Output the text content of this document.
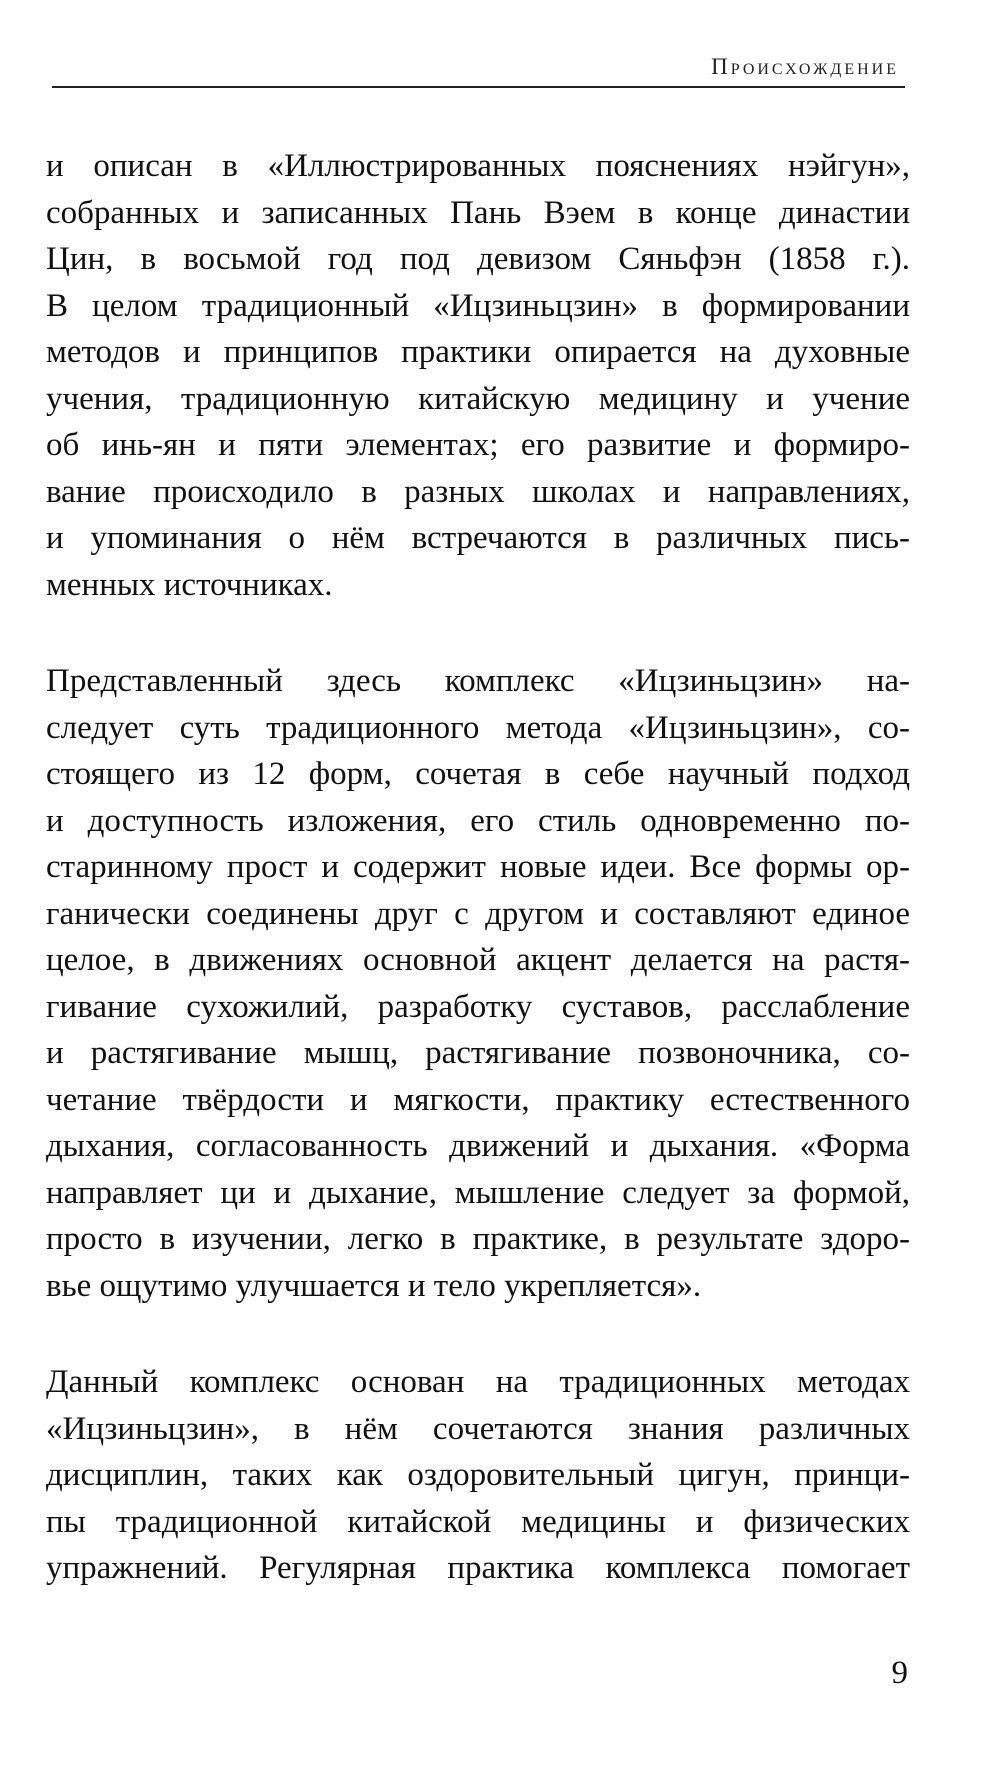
Происхождение
и описан в «Иллюстрированных пояснениях нэйгун»,
собранных и записанных Пань Вэем в конце династии
Цин, в восьмой год под девизом Сяньфэн (1858 г.).
В целом традиционный «Ицзиньцзин» в формировании
методов и принципов практики опирается на духовные
учения, традиционную китайскую медицину и учение
об инь-ян и пяти элементах; его развитие и формиро-
вание происходило в разных школах и направлениях,
и упоминания о нём встречаются в различных пись-
менных источниках.
Представленный здесь комплекс «Ицзиньцзин» на-
следует суть традиционного метода «Ицзиньцзин», со-
стоящего из 12 форм, сочетая в себе научный подход
и доступность изложения, его стиль одновременно по-
старинному прост и содержит новые идеи. Все формы ор-
ганически соединены друг с другом и составляют единое
целое, в движениях основной акцент делается на растя-
гивание сухожилий, разработку суставов, расслабление
и растягивание мышц, растягивание позвоночника, со-
четание твёрдости и мягкости, практику естественного
дыхания, согласованность движений и дыхания. «Форма
направляет ци и дыхание, мышление следует за формой,
просто в изучении, легко в практике, в результате здоро-
вье ощутимо улучшается и тело укрепляется».
Данный комплекс основан на традиционных методах
«Ицзиньцзин», в нём сочетаются знания различных
дисциплин, таких как оздоровительный цигун, принци-
пы традиционной китайской медицины и физических
упражнений. Регулярная практика комплекса помогает
9
